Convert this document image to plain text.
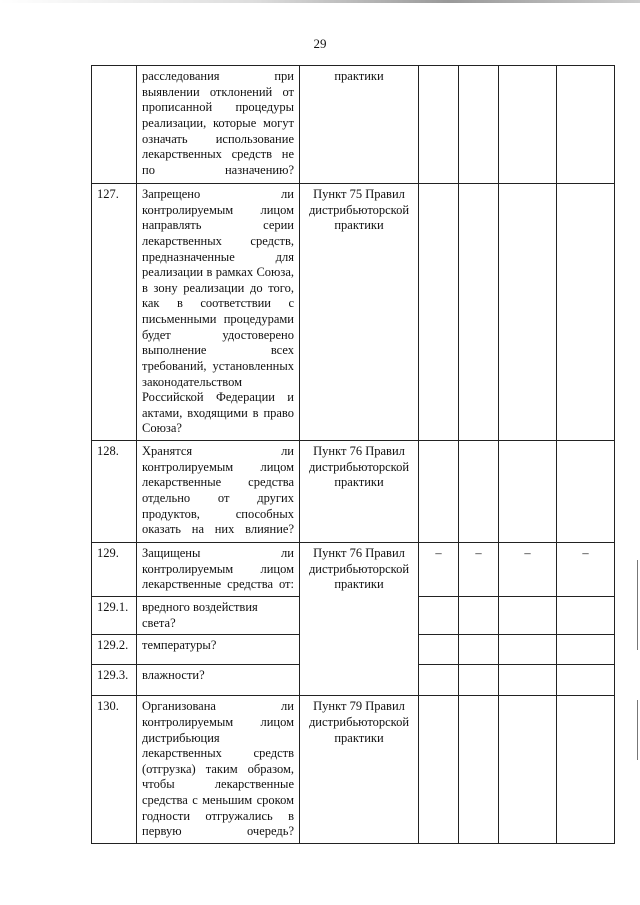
29
	расследования при выявлении отклонений от прописанной процедуры реализации, которые могут означать использование лекарственных средств не по назначению?	практики				
127.	Запрещено ли контролируемым лицом направлять серии лекарственных средств, предназначенные для реализации в рамках Союза, в зону реализации до того, как в соответствии с письменными процедурами будет удостоверено выполнение всех требований, установленных законодательством Российской Федерации и актами, входящими в право Союза?	Пункт 75 Правил дистрибьюторской практики				
128.	Хранятся ли контролируемым лицом лекарственные средства отдельно от других продуктов, способных оказать на них влияние?	Пункт 76 Правил дистрибьюторской практики				
129.	Защищены ли контролируемым лицом лекарственные средства от:	Пункт 76 Правил дистрибьюторской практики	–	–	–	–
129.1.	вредного воздействия света?					
129.2.	температуры?					
129.3.	влажности?					
130.	Организована ли контролируемым лицом дистрибьюция лекарственных средств (отгрузка) таким образом, чтобы лекарственные средства с меньшим сроком годности отгружались в первую очередь?	Пункт 79 Правил дистрибьюторской практики				
